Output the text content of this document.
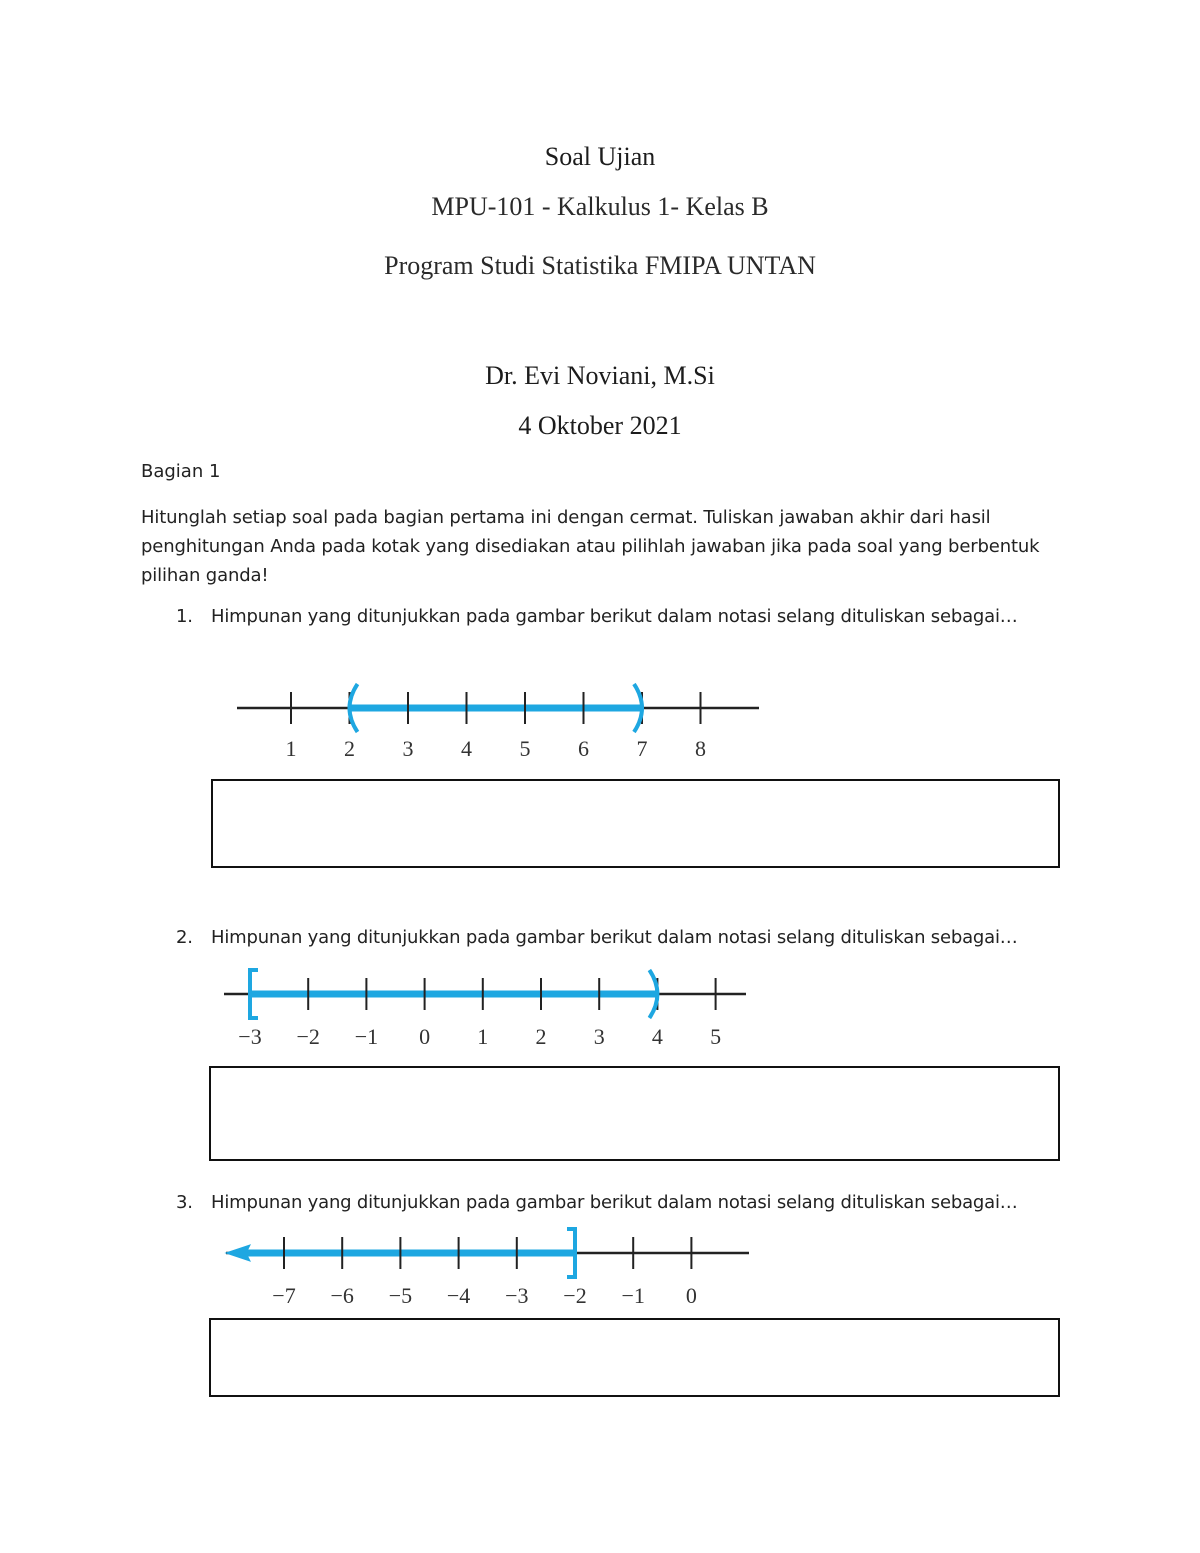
Soal Ujian
MPU-101 - Kalkulus 1- Kelas B
Program Studi Statistika FMIPA UNTAN
Dr. Evi Noviani, M.Si
4 Oktober 2021
Bagian 1
Hitunglah setiap soal pada bagian pertama ini dengan cermat. Tuliskan jawaban akhir dari hasil penghitungan Anda pada kotak yang disediakan atau pilihlah jawaban jika pada soal yang berbentuk pilihan ganda!
1. Himpunan yang ditunjukkan pada gambar berikut dalam notasi selang dituliskan sebagai…
2. Himpunan yang ditunjukkan pada gambar berikut dalam notasi selang dituliskan sebagai…
3. Himpunan yang ditunjukkan pada gambar berikut dalam notasi selang dituliskan sebagai…
1 2 3 4 5 6 7 8
−3 −2 −1 0 1 2 3 4 5
−7 −6 −5 −4 −3 −2 −1 0
